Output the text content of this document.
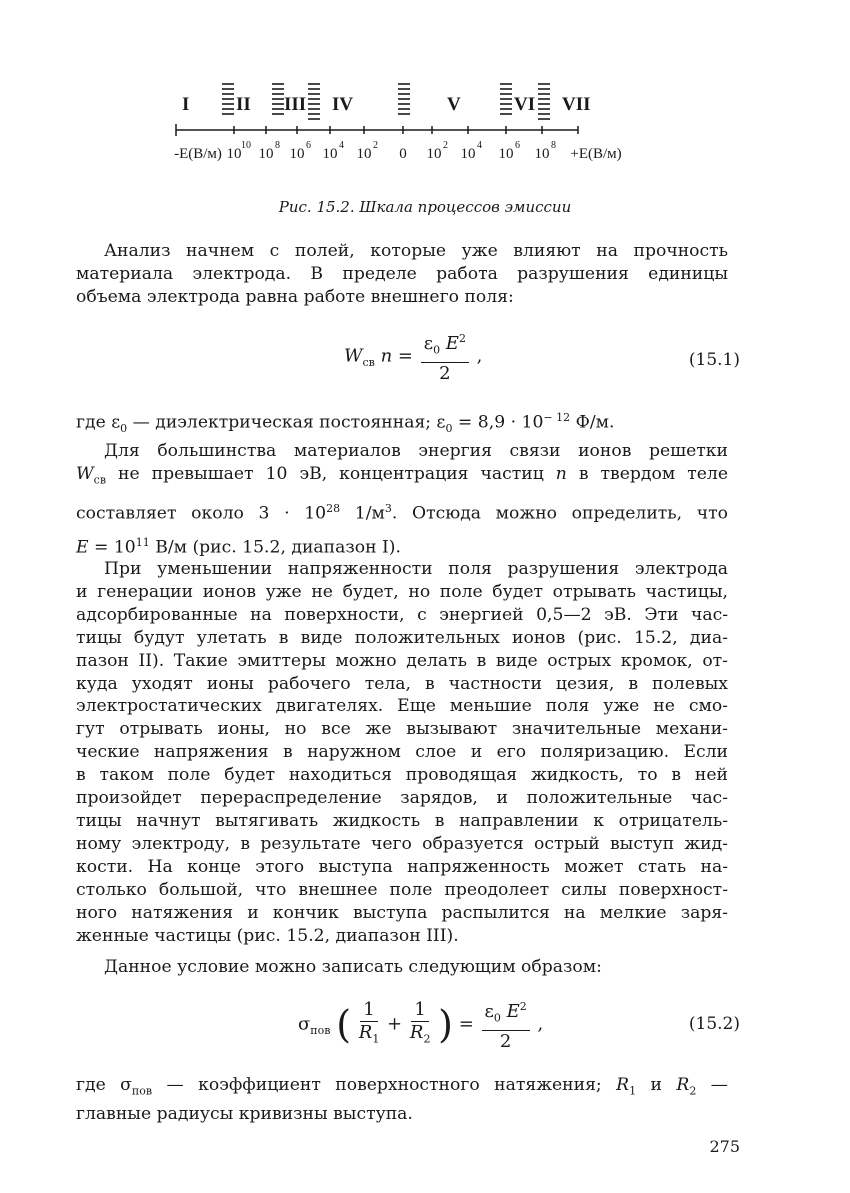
I II III IV	V	VI VII
-E(В/м) 10 10 10 10 10 0 10 10 10 10 +E(В/м)
10 8	6	4	2	2	4	6	8
Рис. 15.2. Шкала процессов эмиссии

Анализ начнем с полей, которые уже влияют на прочность
материала электрода. В пределе работа разрушения единицы
объема электрода равна работе внешнего поля:

$W_{св}$ $n = \frac{\varepsilon_0 E^2}{2}$ ,	(15.1)

где $\varepsilon_0$ — диэлектрическая постоянная; $\varepsilon_0 = 8,9 \cdot 10^{- 12}$ Ф/м.

Для большинства материалов энергия связи ионов решетки
$W_{св}$ не превышает 10 эВ, концентрация частиц n в твердом теле
составляет около $3 \cdot 10^{28}$ $1/м^3$. Отсюда можно определить, что
$E = 10^{11}$ В/м (рис. 15.2, диапазон I).

При уменьшении напряженности поля разрушения электрода
и генерации ионов уже не будет, но поле будет отрывать частицы,
адсорбированные на поверхности, с энергией 0,5—2 эВ. Эти час-
тицы будут улетать в виде положительных ионов (рис. 15.2, диа-
пазон II). Такие эмиттеры можно делать в виде острых кромок, от-
куда уходят ионы рабочего тела, в частности цезия, в полевых
электростатических двигателях. Еще меньшие поля уже не смо-
гут отрывать ионы, но все же вызывают значительные механи-
ческие напряжения в наружном слое и его поляризацию. Если
в таком поле будет находиться проводящая жидкость, то в ней
произойдет перераспределение зарядов, и положительные час-
тицы начнут вытягивать жидкость в направлении к отрицатель-
ному электроду, в результате чего образуется острый выступ жид-
кости. На конце этого выступа напряженность может стать на-
столько большой, что внешнее поле преодолеет силы поверхност-
ного натяжения и кончик выступа распылится на мелкие заря-
женные частицы (рис. 15.2, диапазон III).

Данное условие можно записать следующим образом:

$\sigma_{пов}$ ( $\frac{1}{R_1} + \frac{1}{R_2}$ ) = $\frac{\varepsilon_0 E^2}{2}$ ,	(15.2)

где $\sigma_{пов}$ — коэффициент поверхностного натяжения; $R_1$ и $R_2$ —
главные радиусы кривизны выступа.

275
